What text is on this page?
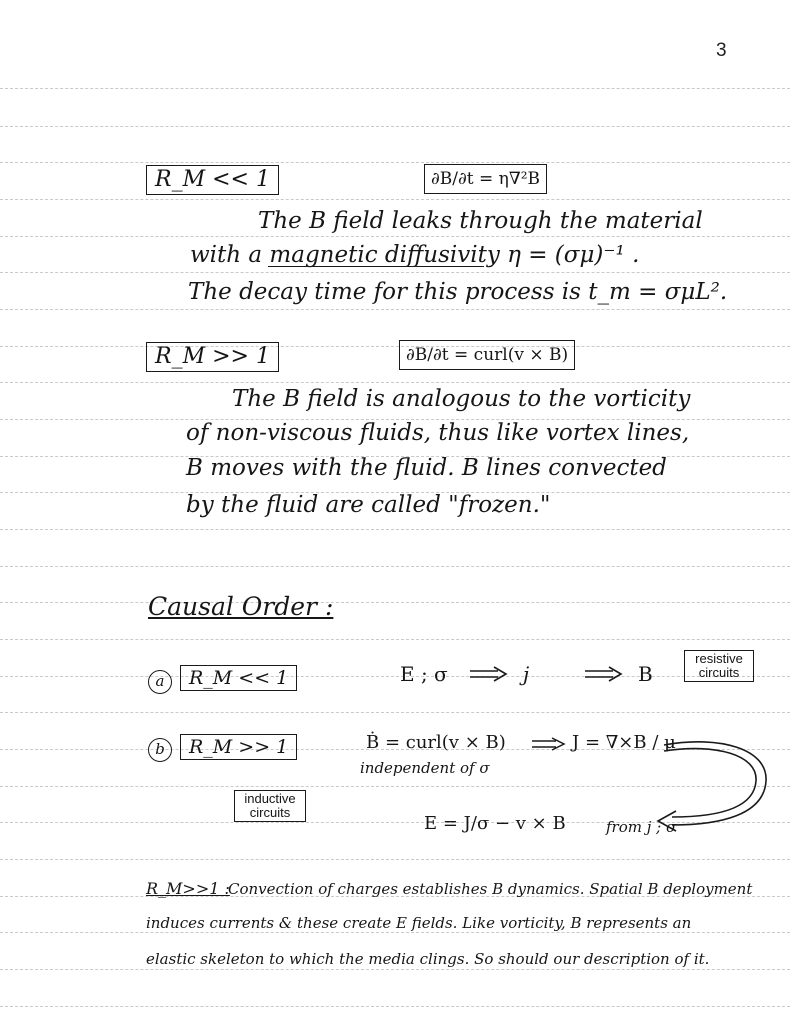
3
R_M << 1	∂B/∂t = η∇²B
The B field leaks through the material
with a magnetic diffusivity η = (σμ)⁻¹ .
The decay time for this process is t_m = σμL².
R_M >> 1	∂B/∂t = curl(v × B)
The B field is analogous to the vorticity
of non-viscous fluids, thus like vortex lines,
B moves with the fluid. B lines convected
by the fluid are called "frozen."
Causal Order :
a	R_M << 1	E ; σ	j	B
resistive circuits
b	R_M >> 1	Ḃ = curl(v × B)
independent of σ
J = ∇×B / μ
inductive circuits
E = J/σ − v × B	from j ; σ
R_M>>1 :
Convection of charges establishes B dynamics. Spatial B deployment
induces currents & these create E fields. Like vorticity, B represents an
elastic skeleton to which the media clings. So should our description of it.
